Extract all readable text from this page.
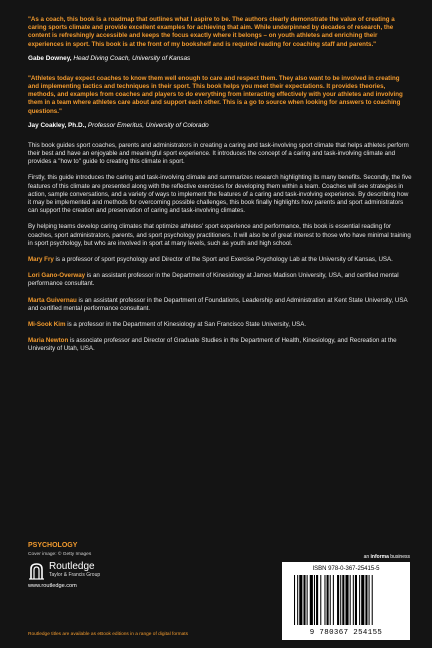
"As a coach, this book is a roadmap that outlines what I aspire to be. The authors clearly demonstrate the value of creating a caring sports climate and provide excellent examples for achieving that aim. While underpinned by decades of research, the content is refreshingly accessible and keeps the focus exactly where it belongs – on youth athletes and enriching their experiences in sport. This book is at the front of my bookshelf and is required reading for coaching staff and parents."

Gabe Downey, Head Diving Coach, University of Kansas

"Athletes today expect coaches to know them well enough to care and respect them. They also want to be involved in creating and implementing tactics and techniques in their sport. This book helps you meet their expectations. It provides theories, methods, and examples from coaches and players to do everything from interacting effectively with your athletes and involving them in a team where athletes care about and support each other. This is a go to source when looking for answers to coaching questions."

Jay Coakley, Ph.D., Professor Emeritus, University of Colorado

This book guides sport coaches, parents and administrators in creating a caring and task-involving sport climate that helps athletes perform their best and have an enjoyable and meaningful sport experience. It introduces the concept of a caring and task-involving climate and provides a "how to" guide to creating this climate in sport.

Firstly, this guide introduces the caring and task-involving climate and summarizes research highlighting its many benefits. Secondly, the five features of this climate are presented along with the reflective exercises for developing them within a team. Coaches will see strategies in action, sample conversations, and a variety of ways to implement the features of a caring and task-involving experience. By describing how it may be implemented and methods for overcoming possible challenges, this book finally highlights how parents and sport administrators can support the creation and preservation of caring and task-involving climates.

By helping teams develop caring climates that optimize athletes' sport experience and performance, this book is essential reading for coaches, sport administrators, parents, and sport psychology practitioners. It will also be of great interest to those who have minimal training in sport psychology, but who are involved in sport at many levels, such as youth and high school.

Mary Fry is a professor of sport psychology and Director of the Sport and Exercise Psychology Lab at the University of Kansas, USA.

Lori Gano-Overway is an assistant professor in the Department of Kinesiology at James Madison University, USA, and certified mental performance consultant.

Marta Guivernau is an assistant professor in the Department of Foundations, Leadership and Administration at Kent State University, USA and certified mental performance consultant.

Mi-Sook Kim is a professor in the Department of Kinesiology at San Francisco State University, USA.

Maria Newton is associate professor and Director of Graduate Studies in the Department of Health, Kinesiology, and Recreation at the University of Utah, USA.

PSYCHOLOGY

Cover image: © Getty Images

Routledge
Taylor & Francis Group
www.routledge.com
an informa business
ISBN 978-0-367-25415-5
9 780367 254155
Routledge titles are available as eBook editions in a range of digital formats
